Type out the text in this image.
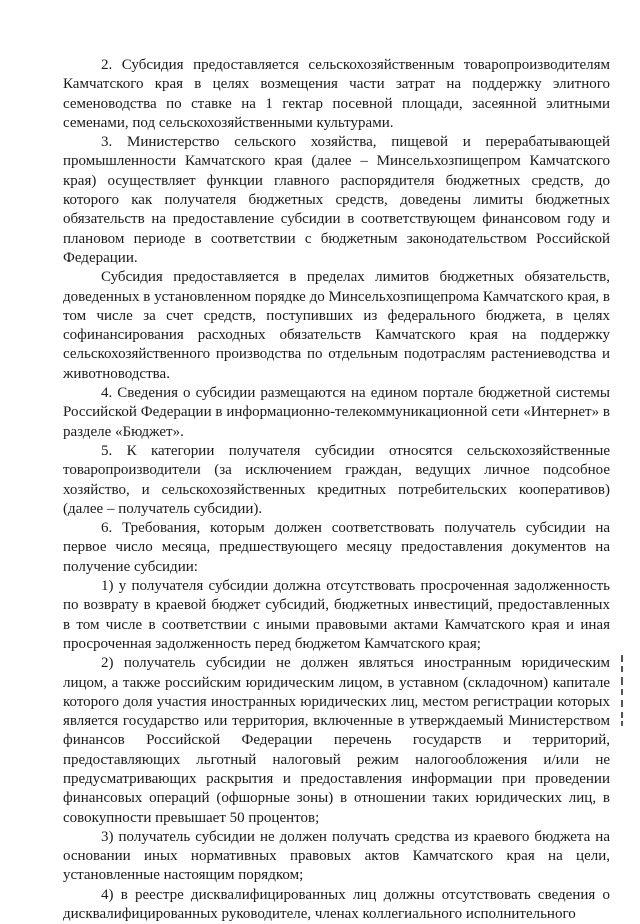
2. Субсидия предоставляется сельскохозяйственным товаропроизводителям Камчатского края в целях возмещения части затрат на поддержку элитного семеноводства по ставке на 1 гектар посевной площади, засеянной элитными семенами, под сельскохозяйственными культурами.

3. Министерство сельского хозяйства, пищевой и перерабатывающей промышленности Камчатского края (далее – Минсельхозпищепром Камчатского края) осуществляет функции главного распорядителя бюджетных средств, до которого как получателя бюджетных средств, доведены лимиты бюджетных обязательств на предоставление субсидии в соответствующем финансовом году и плановом периоде в соответствии с бюджетным законодательством Российской Федерации.

Субсидия предоставляется в пределах лимитов бюджетных обязательств, доведенных в установленном порядке до Минсельхозпищепрома Камчатского края, в том числе за счет средств, поступивших из федерального бюджета, в целях софинансирования расходных обязательств Камчатского края на поддержку сельскохозяйственного производства по отдельным подотраслям растениеводства и животноводства.

4. Сведения о субсидии размещаются на едином портале бюджетной системы Российской Федерации в информационно-телекоммуникационной сети «Интернет» в разделе «Бюджет».

5. К категории получателя субсидии относятся сельскохозяйственные товаропроизводители (за исключением граждан, ведущих личное подсобное хозяйство, и сельскохозяйственных кредитных потребительских кооперативов) (далее – получатель субсидии).

6. Требования, которым должен соответствовать получатель субсидии на первое число месяца, предшествующего месяцу предоставления документов на получение субсидии:

1) у получателя субсидии должна отсутствовать просроченная задолженность по возврату в краевой бюджет субсидий, бюджетных инвестиций, предоставленных в том числе в соответствии с иными правовыми актами Камчатского края и иная просроченная задолженность перед бюджетом Камчатского края;

2) получатель субсидии не должен являться иностранным юридическим лицом, а также российским юридическим лицом, в уставном (складочном) капитале которого доля участия иностранных юридических лиц, местом регистрации которых является государство или территория, включенные в утверждаемый Министерством финансов Российской Федерации перечень государств и территорий, предоставляющих льготный налоговый режим налогообложения и/или не предусматривающих раскрытия и предоставления информации при проведении финансовых операций (офшорные зоны) в отношении таких юридических лиц, в совокупности превышает 50 процентов;

3) получатель субсидии не должен получать средства из краевого бюджета на основании иных нормативных правовых актов Камчатского края на цели, установленные настоящим порядком;

4) в реестре дисквалифицированных лиц должны отсутствовать сведения о дисквалифицированных руководителе, членах коллегиального исполнительного
